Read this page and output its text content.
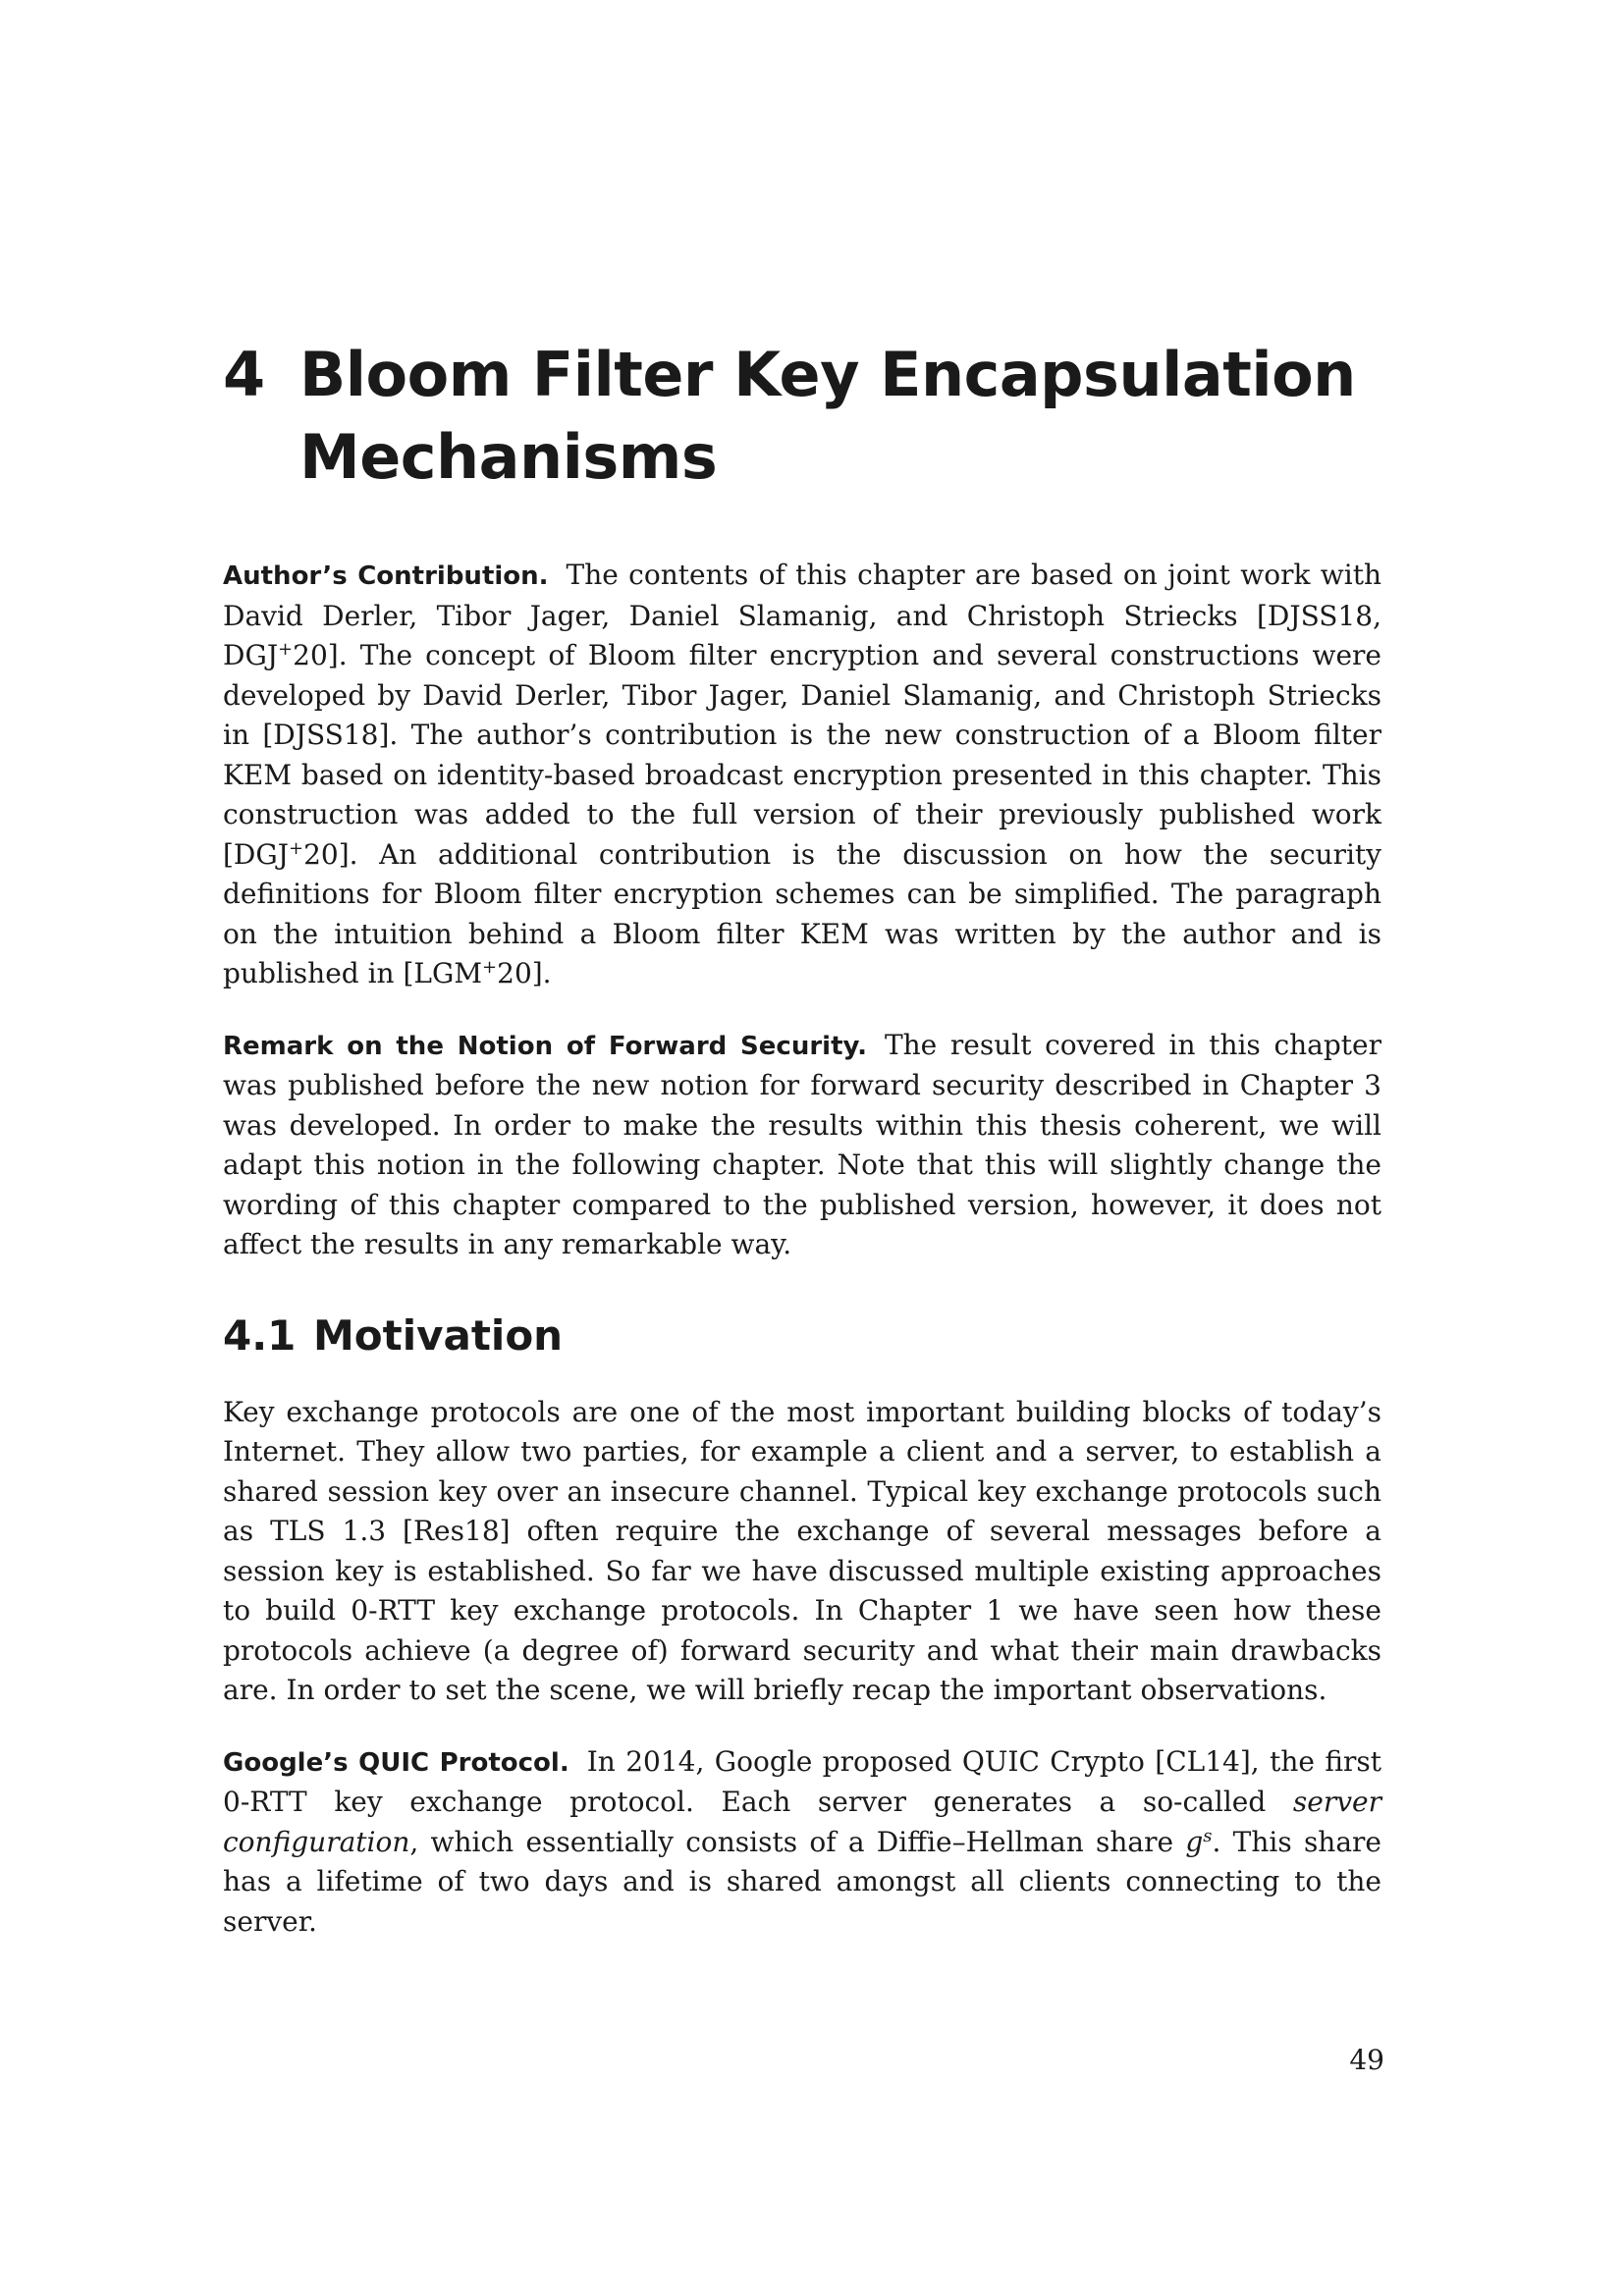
4 Bloom Filter Key Encapsulation Mechanisms

Author’s Contribution. The contents of this chapter are based on joint work with David Derler, Tibor Jager, Daniel Slamanig, and Christoph Striecks [DJSS18, DGJ+20]. The concept of Bloom filter encryption and several constructions were developed by David Derler, Tibor Jager, Daniel Slamanig, and Christoph Striecks in [DJSS18]. The author’s contribution is the new construction of a Bloom filter KEM based on identity-based broadcast encryption presented in this chapter. This construction was added to the full version of their previously published work [DGJ+20]. An additional contribution is the discussion on how the security definitions for Bloom filter encryption schemes can be simplified. The paragraph on the intuition behind a Bloom filter KEM was written by the author and is published in [LGM+20].

Remark on the Notion of Forward Security. The result covered in this chapter was published before the new notion for forward security described in Chapter 3 was developed. In order to make the results within this thesis coherent, we will adapt this notion in the following chapter. Note that this will slightly change the wording of this chapter compared to the published version, however, it does not affect the results in any remarkable way.

4.1 Motivation

Key exchange protocols are one of the most important building blocks of today’s Internet. They allow two parties, for example a client and a server, to establish a shared session key over an insecure channel. Typical key exchange protocols such as TLS 1.3 [Res18] often require the exchange of several messages before a session key is established. So far we have discussed multiple existing approaches to build 0-RTT key exchange protocols. In Chapter 1 we have seen how these protocols achieve (a degree of) forward security and what their main drawbacks are. In order to set the scene, we will briefly recap the important observations.

Google’s QUIC Protocol. In 2014, Google proposed QUIC Crypto [CL14], the first 0-RTT key exchange protocol. Each server generates a so-called server configuration, which essentially consists of a Diffie–Hellman share $g^s$. This share has a lifetime of two days and is shared amongst all clients connecting to the server.

49
